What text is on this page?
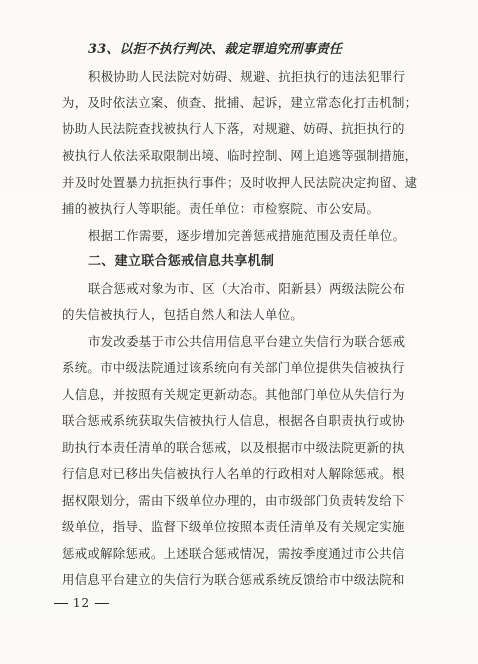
33、以拒不执行判决、裁定罪追究刑事责任
积极协助人民法院对妨碍、规避、抗拒执行的违法犯罪行
为，及时依法立案、侦查、批捕、起诉，建立常态化打击机制；
协助人民法院查找被执行人下落，对规避、妨碍、抗拒执行的
被执行人依法采取限制出境、临时控制、网上追逃等强制措施，
并及时处置暴力抗拒执行事件；及时收押人民法院决定拘留、逮
捕的被执行人等职能。责任单位：市检察院、市公安局。
根据工作需要，逐步增加完善惩戒措施范围及责任单位。
二、建立联合惩戒信息共享机制
联合惩戒对象为市、区（大冶市、阳新县）两级法院公布
的失信被执行人，包括自然人和法人单位。
市发改委基于市公共信用信息平台建立失信行为联合惩戒
系统。市中级法院通过该系统向有关部门单位提供失信被执行
人信息，并按照有关规定更新动态。其他部门单位从失信行为
联合惩戒系统获取失信被执行人信息，根据各自职责执行或协
助执行本责任清单的联合惩戒，以及根据市中级法院更新的执
行信息对已移出失信被执行人名单的行政相对人解除惩戒。根
据权限划分，需由下级单位办理的，由市级部门负责转发给下
级单位，指导、监督下级单位按照本责任清单及有关规定实施
惩戒或解除惩戒。上述联合惩戒情况，需按季度通过市公共信
用信息平台建立的失信行为联合惩戒系统反馈给市中级法院和
12
